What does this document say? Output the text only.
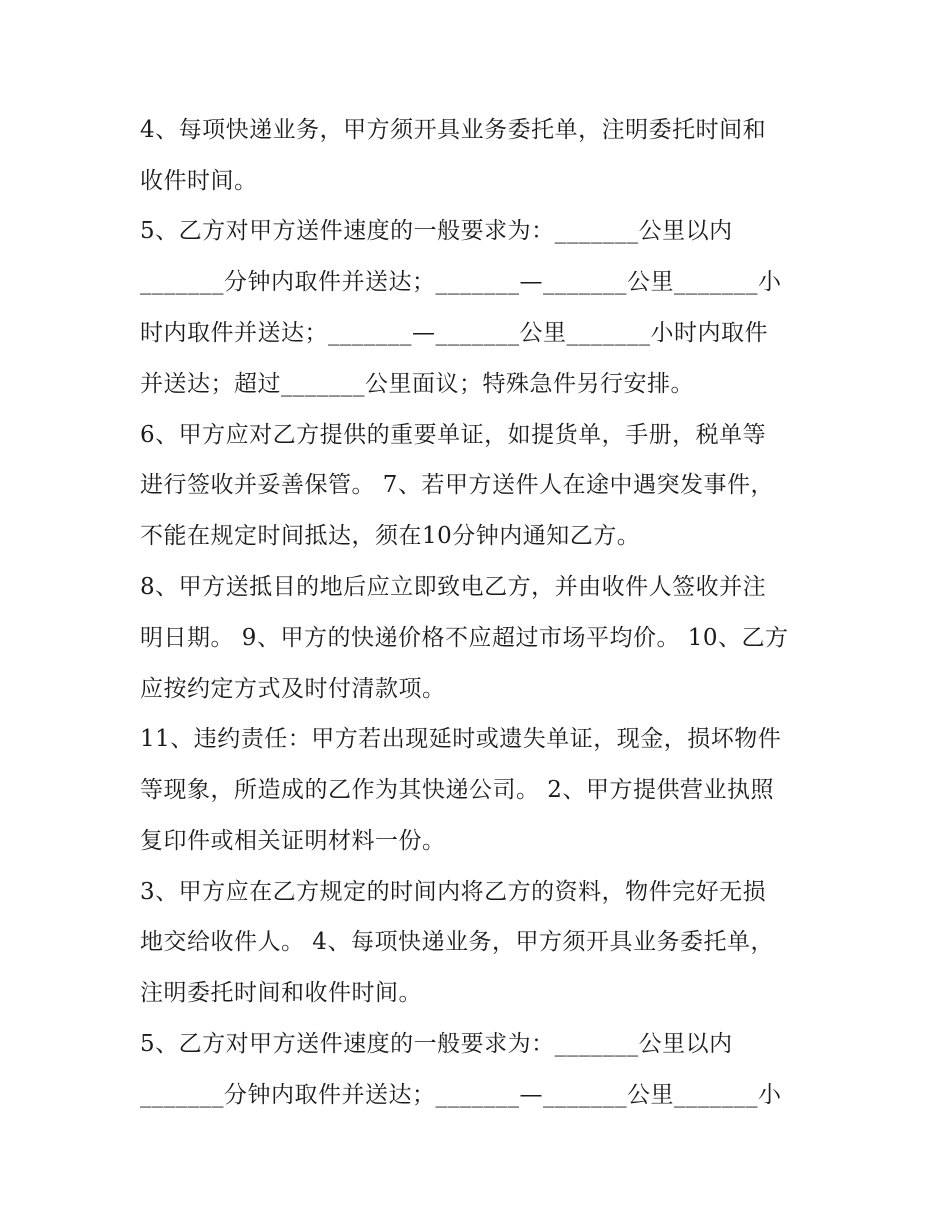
4、每项快递业务，甲方须开具业务委托单，注明委托时间和
收件时间。
5、乙方对甲方送件速度的一般要求为：_______公里以内
_______分钟内取件并送达；_______—_______公里_______小
时内取件并送达；_______—_______公里_______小时内取件
并送达；超过_______公里面议；特殊急件另行安排。
6、甲方应对乙方提供的重要单证，如提货单，手册，税单等
进行签收并妥善保管。 7、若甲方送件人在途中遇突发事件，
不能在规定时间抵达，须在10分钟内通知乙方。
8、甲方送抵目的地后应立即致电乙方，并由收件人签收并注
明日期。 9、甲方的快递价格不应超过市场平均价。 10、乙方
应按约定方式及时付清款项。
11、违约责任：甲方若出现延时或遗失单证，现金，损坏物件
等现象，所造成的乙作为其快递公司。 2、甲方提供营业执照
复印件或相关证明材料一份。
3、甲方应在乙方规定的时间内将乙方的资料，物件完好无损
地交给收件人。 4、每项快递业务，甲方须开具业务委托单，
注明委托时间和收件时间。
5、乙方对甲方送件速度的一般要求为：_______公里以内
_______分钟内取件并送达；_______—_______公里_______小
